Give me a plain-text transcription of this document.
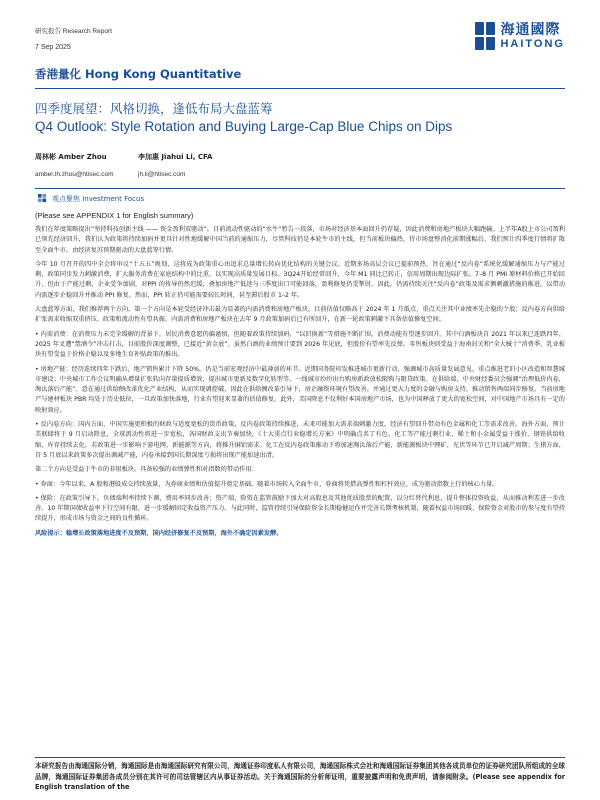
研究报告 Research Report
7 Sep 2025
海通國際
HAITONG
香港量化 Hong Kong Quantitative
四季度展望：风格切换，逢低布局大盘蓝筹
Q4 Outlook: Style Rotation and Buying Large-Cap Blue Chips on Dips
周林彬 Amber Zhou
amber.lh.zhou@htisec.com
李加惠 Jiahui Li, CFA
jh.li@htisec.com
观点聚焦 Investment Focus
(Please see APPENDIX 1 for English summary)

我们在年度策略提出“坚持科技创新主线 —— 资金盈利双驱动”。目前流动性驱动的“水牛”暂告一段落，市场对经济基本面回升仍存疑，因此消费和房地产板块大幅跑输。上半年A股上市公司盈利已领先经济回升，我们认为政策将持续加码并更具针对性地缓解中国当前的通缩压力，尽管科技仍是本轮牛市的主线，但当前板块偏热，待市场盘整消化前期涨幅后，我们预计四季度行情将扩散至全面牛市。由经济复苏预期驱动的大盘蓝筹行情。

今年 10 月召开的四中全会将审议“十五五”规划，这将成为政策重心由追求总量增长转向优化结构的关键会议。近期多场高层会议已提前预热，旨在通过“反内卷”系统化缓解通缩压力与产能过剩，政策同步发力刺激消费，扩大服务消费在家庭结构中的比重，以实现高质量发展目标。3Q24开始经常回升，今年 M1 同比已转正，信用周期出现边际扩张。7–8 月 PMI 原材料价格已开始回升，但由于产能过剩，企业受争加剧，对PPI 的传导仍然迟缓，叠加房地产低迷与三季度出口可能回落，盈利修复仍受掣肘。因此，仍需持续关注“反内卷”政策及需求侧刺激措施的推进，以带动内需逐步企稳回升并推动 PPI 修复。然而，PPI 转正仍可能需要较长时间，甚至滞后股市 1–2 年。

大盘蓝筹方面，我们推荐两个方向。第一个方向是本轮受经济冲击最为显著的内需消费和房地产板块，目前估值仅略高于 2024 年 1 月低点，重点关注其中业绩率先企稳的个股；反内卷方向供给扩张需求收缩双重挤压，政策和流动性有望共振。内需消费和房地产板块在去年 9 月政策加码后已有所回升，在新一轮政策刺激下具备估值修复空间。

• 内需消费：在消费压力未完全缓解的背景下，居民消费意愿仍偏谨慎，但随着政策持续加码，“以旧换新”等措施不断扩围，消费动能有望逐步回升。其中白酒板块自 2021 年以来已连跌四年，2025 年叉遭“禁酒令”冲击打击，目前股价深度调整，已接近“黄金底”。虽然白酒的业绩预计要到 2026 年见底，但股价有望率先反弹。零售板块则受益于海南封关和“全大械十”消费季，乳业板块有望受益于价格企稳以及多地生育补贴政策的推出。

• 房地产链：经历连续四年下跌后，地产销售累计下降 50%，仍是当前宏观经济中最薄弱的环节。近期国务院印发推进城市更新行动，强调城市高质量发展意见，重点推进老旧小区改造和智慧城市建设；中央城市工作会议明确从增量扩张转向存量提质增效，提出城市更新及数字化转型等。一线城市纷纷出台购房新政放松限购与限贷政策。在供给端，中央财经委员会强调“治理低价内卷，淘汰落后产能”。意在通过供给侧改革优化产业结构，从而实现调控破，因此在供给侧改革引导下，房企融资环境有望改善。并通过更大力度的金融与购房支持，推动销售两端同步修复。当前房地产与建材板块 PBR 均处于历史低位，一旦政策加快落地，行业有望迎来显著的估值修复。此外，美国降息不仅利好本国房地产市场，也为中国释放了更大的宽松空间，对中国地产市场具有一定的映射效应。

• 反内卷方向：国内方面，中国实施更积极的财政与适度宽松的货币政策，反内卷政策持续推进，未来可能加大需求端刺激力度，经济有望回升带动有色金属和化工等需求改善。海外方面，预计美联储将于 9 月启动降息，全球流动性将进一步宽松，各国财政支出节奏加快，《十大重点行业稳增长方案》中明确点名了有色、化工等产能过剩行业，稀土和小金属受益于涨价，钢铁供给收缩，库存持续去化，若政策进一步影响下游电网、新能源等方向，将推升铜铝需求。化工在反内卷政策推动下将加速淘汰落后产能，新能源板块中锂矿、光伏等环节已开启减产周期；生猪方面，自 5 月底以来政策多次提出调减产能，内卷承接到国长期深度亏损将出现产能加速出清。

第二个方向是受益于牛市的非银板块，具备较强的业绩弹性和对指数的带动作用：

• 券商：今年以来，A 股和港股成交持续放量，为券商业绩和估值提升奠定基础。随着市场转入全面牛市，券商将凭借高弹性和杠杆效应，成为驱动指数上行的核心力量。

• 保险：在政策引导下，负债端利率持续下调，费用率同步改善；资产端，险资在监管鼓励下加大对高股息及其他优质股票的配置，以分红替代利息，提升整体投资收益，从而推动利差进一步改善。10 年期国债收益率下行空间有限，进一步缓解固定收益资产压力。与此同时，监管持续引导保险资金长期稳健运作并完善长期考核机制，随着权益市场回暖，保险资金对股市的参与度有望持续提升，形成市场与资金之间的良性循环。

风险提示：稳增长政策落地进度不及预期，国内经济修复不及预期，海外不确定因素发酵。

本研究报告由海通国际分销，海通国际是由海通国际研究有限公司，海通证券印度私人有限公司，海通国际株式会社和海通国际证券集团其他各成员单位的证券研究团队所组成的全球品牌，海通国际证券集团各成员分别在其许可的司法管辖区内从事证券活动。关于海通国际的分析师证明，重要披露声明和免责声明，请参阅附录。(Please see appendix for English translation of the
